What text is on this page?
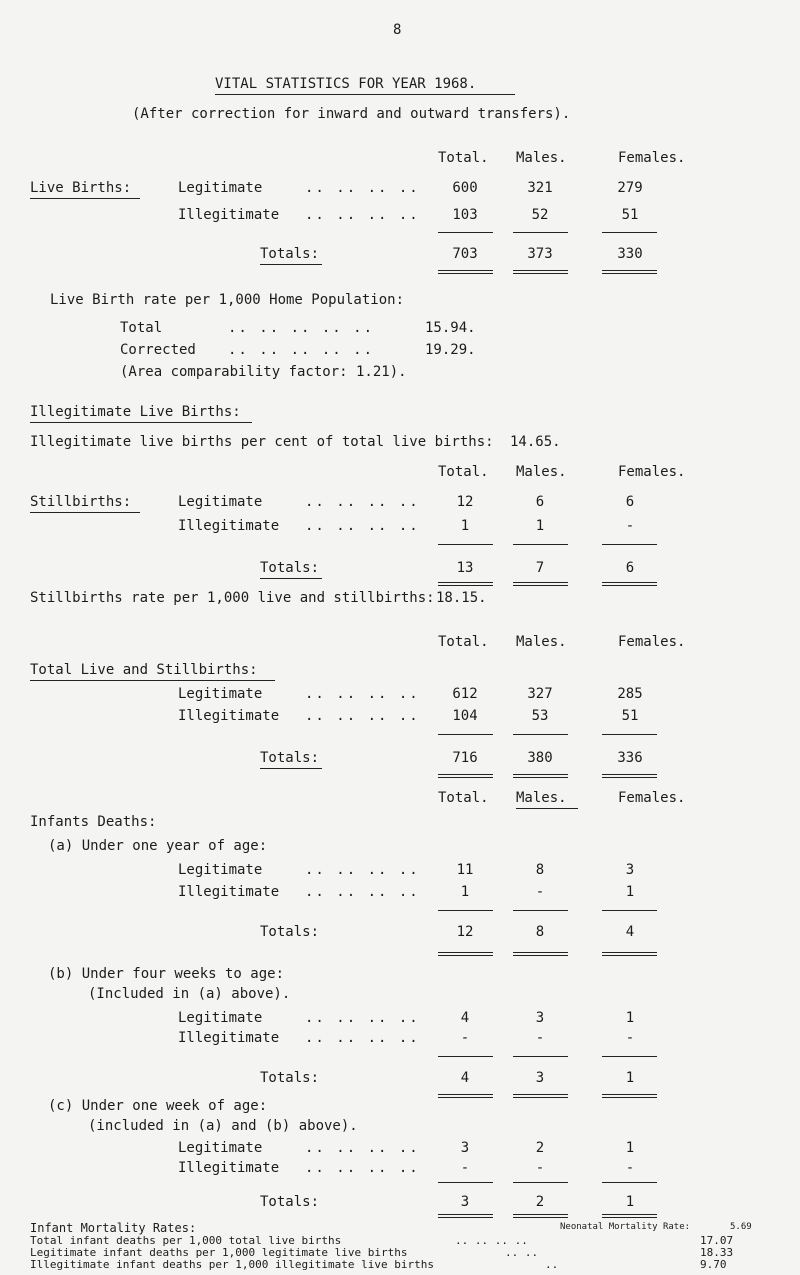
8
VITAL STATISTICS FOR YEAR 1968.
(After correction for inward and outward transfers).
Total. Males.	Females.
Live Births:	Legitimate	.. .. .. ..	600	321	279
Illegitimate .. .. .. ..	103	52	51
Totals:	703	373	330
Live Birth rate per 1,000 Home Population:
Total	.. .. .. .. ..	15.94.
Corrected .. .. .. .. ..	19.29.
(Area comparability factor: 1.21).
Illegitimate Live Births:
Illegitimate live births per cent of total live births: 14.65.
Total. Males.	Females.
Stillbirths:	Legitimate	.. .. .. ..	12	6	6
Illegitimate .. .. .. ..	1	1	-
Totals:	13	7	6
Stillbirths rate per 1,000 live and stillbirths: 18.15.
Total. Males.	Females.
Total Live and Stillbirths:
Legitimate	.. .. .. ..	612	327	285
Illegitimate .. .. .. ..	104	53	51
Totals:	716	380	336
Total. Males.	Females.
Infants Deaths:
(a) Under one year of age:
Legitimate	.. .. .. ..	11	8	3
Illegitimate .. .. .. ..	1	-	1
Totals:	12	8	4
(b) Under four weeks to age:
(Included in (a) above).
Legitimate	.. .. .. ..	4	3	1
Illegitimate .. .. .. ..	-	-	-
Totals:	4	3	1
(c) Under one week of age:
(included in (a) and (b) above).
Legitimate	.. .. .. ..	3	2	1
Illegitimate .. .. .. ..	-	-	-
Totals:	3	2	1
Infant Mortality Rates:
Total infant deaths per 1,000 total live births	.. .. .. ..	17.07
Legitimate infant deaths per 1,000 legitimate live births	.. ..	18.33
Illegitimate infant deaths per 1,000 illegitimate live births	..	9.70
Neonatal Mortality Rate:	5.69
